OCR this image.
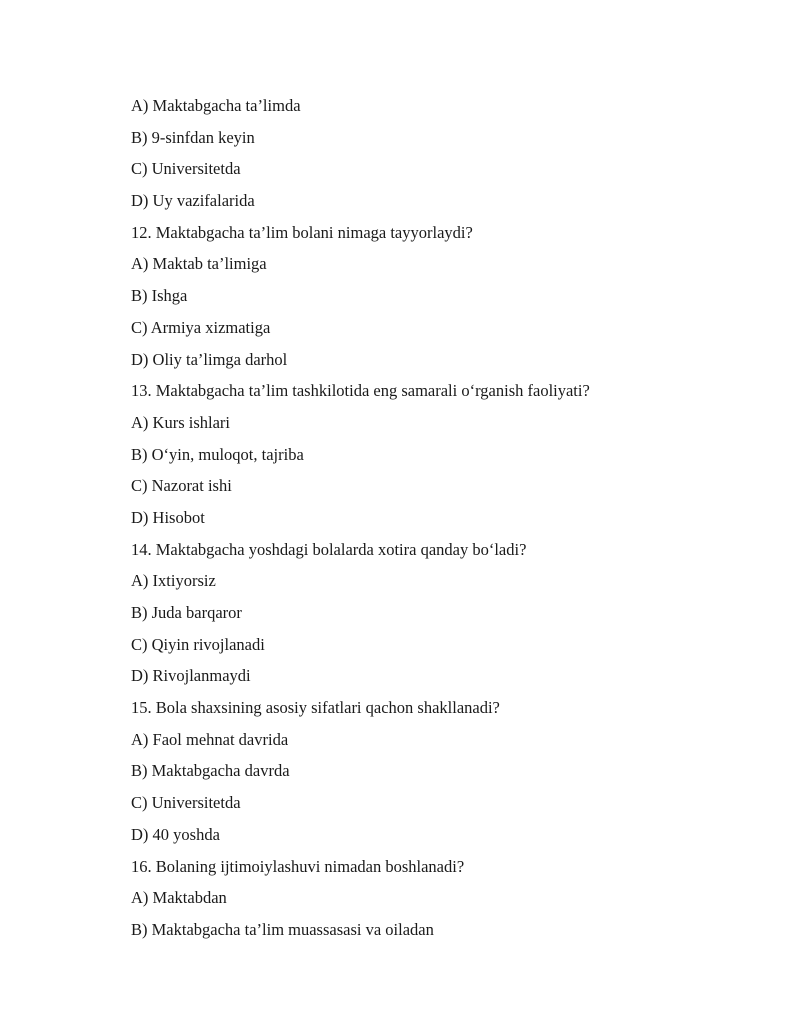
A) Maktabgacha ta’limda
B) 9-sinfdan keyin
C) Universitetda
D) Uy vazifalarida
12. Maktabgacha ta’lim bolani nimaga tayyorlaydi?
A) Maktab ta’limiga
B) Ishga
C) Armiya xizmatiga
D) Oliy ta’limga darhol
13. Maktabgacha ta’lim tashkilotida eng samarali o‘rganish faoliyati?
A) Kurs ishlari
B) O‘yin, muloqot, tajriba
C) Nazorat ishi
D) Hisobot
14. Maktabgacha yoshdagi bolalarda xotira qanday bo‘ladi?
A) Ixtiyorsiz
B) Juda barqaror
C) Qiyin rivojlanadi
D) Rivojlanmaydi
15. Bola shaxsining asosiy sifatlari qachon shakllanadi?
A) Faol mehnat davrida
B) Maktabgacha davrda
C) Universitetda
D) 40 yoshda
16. Bolaning ijtimoiylashuvi nimadan boshlanadi?
A) Maktabdan
B) Maktabgacha ta’lim muassasasi va oiladan
